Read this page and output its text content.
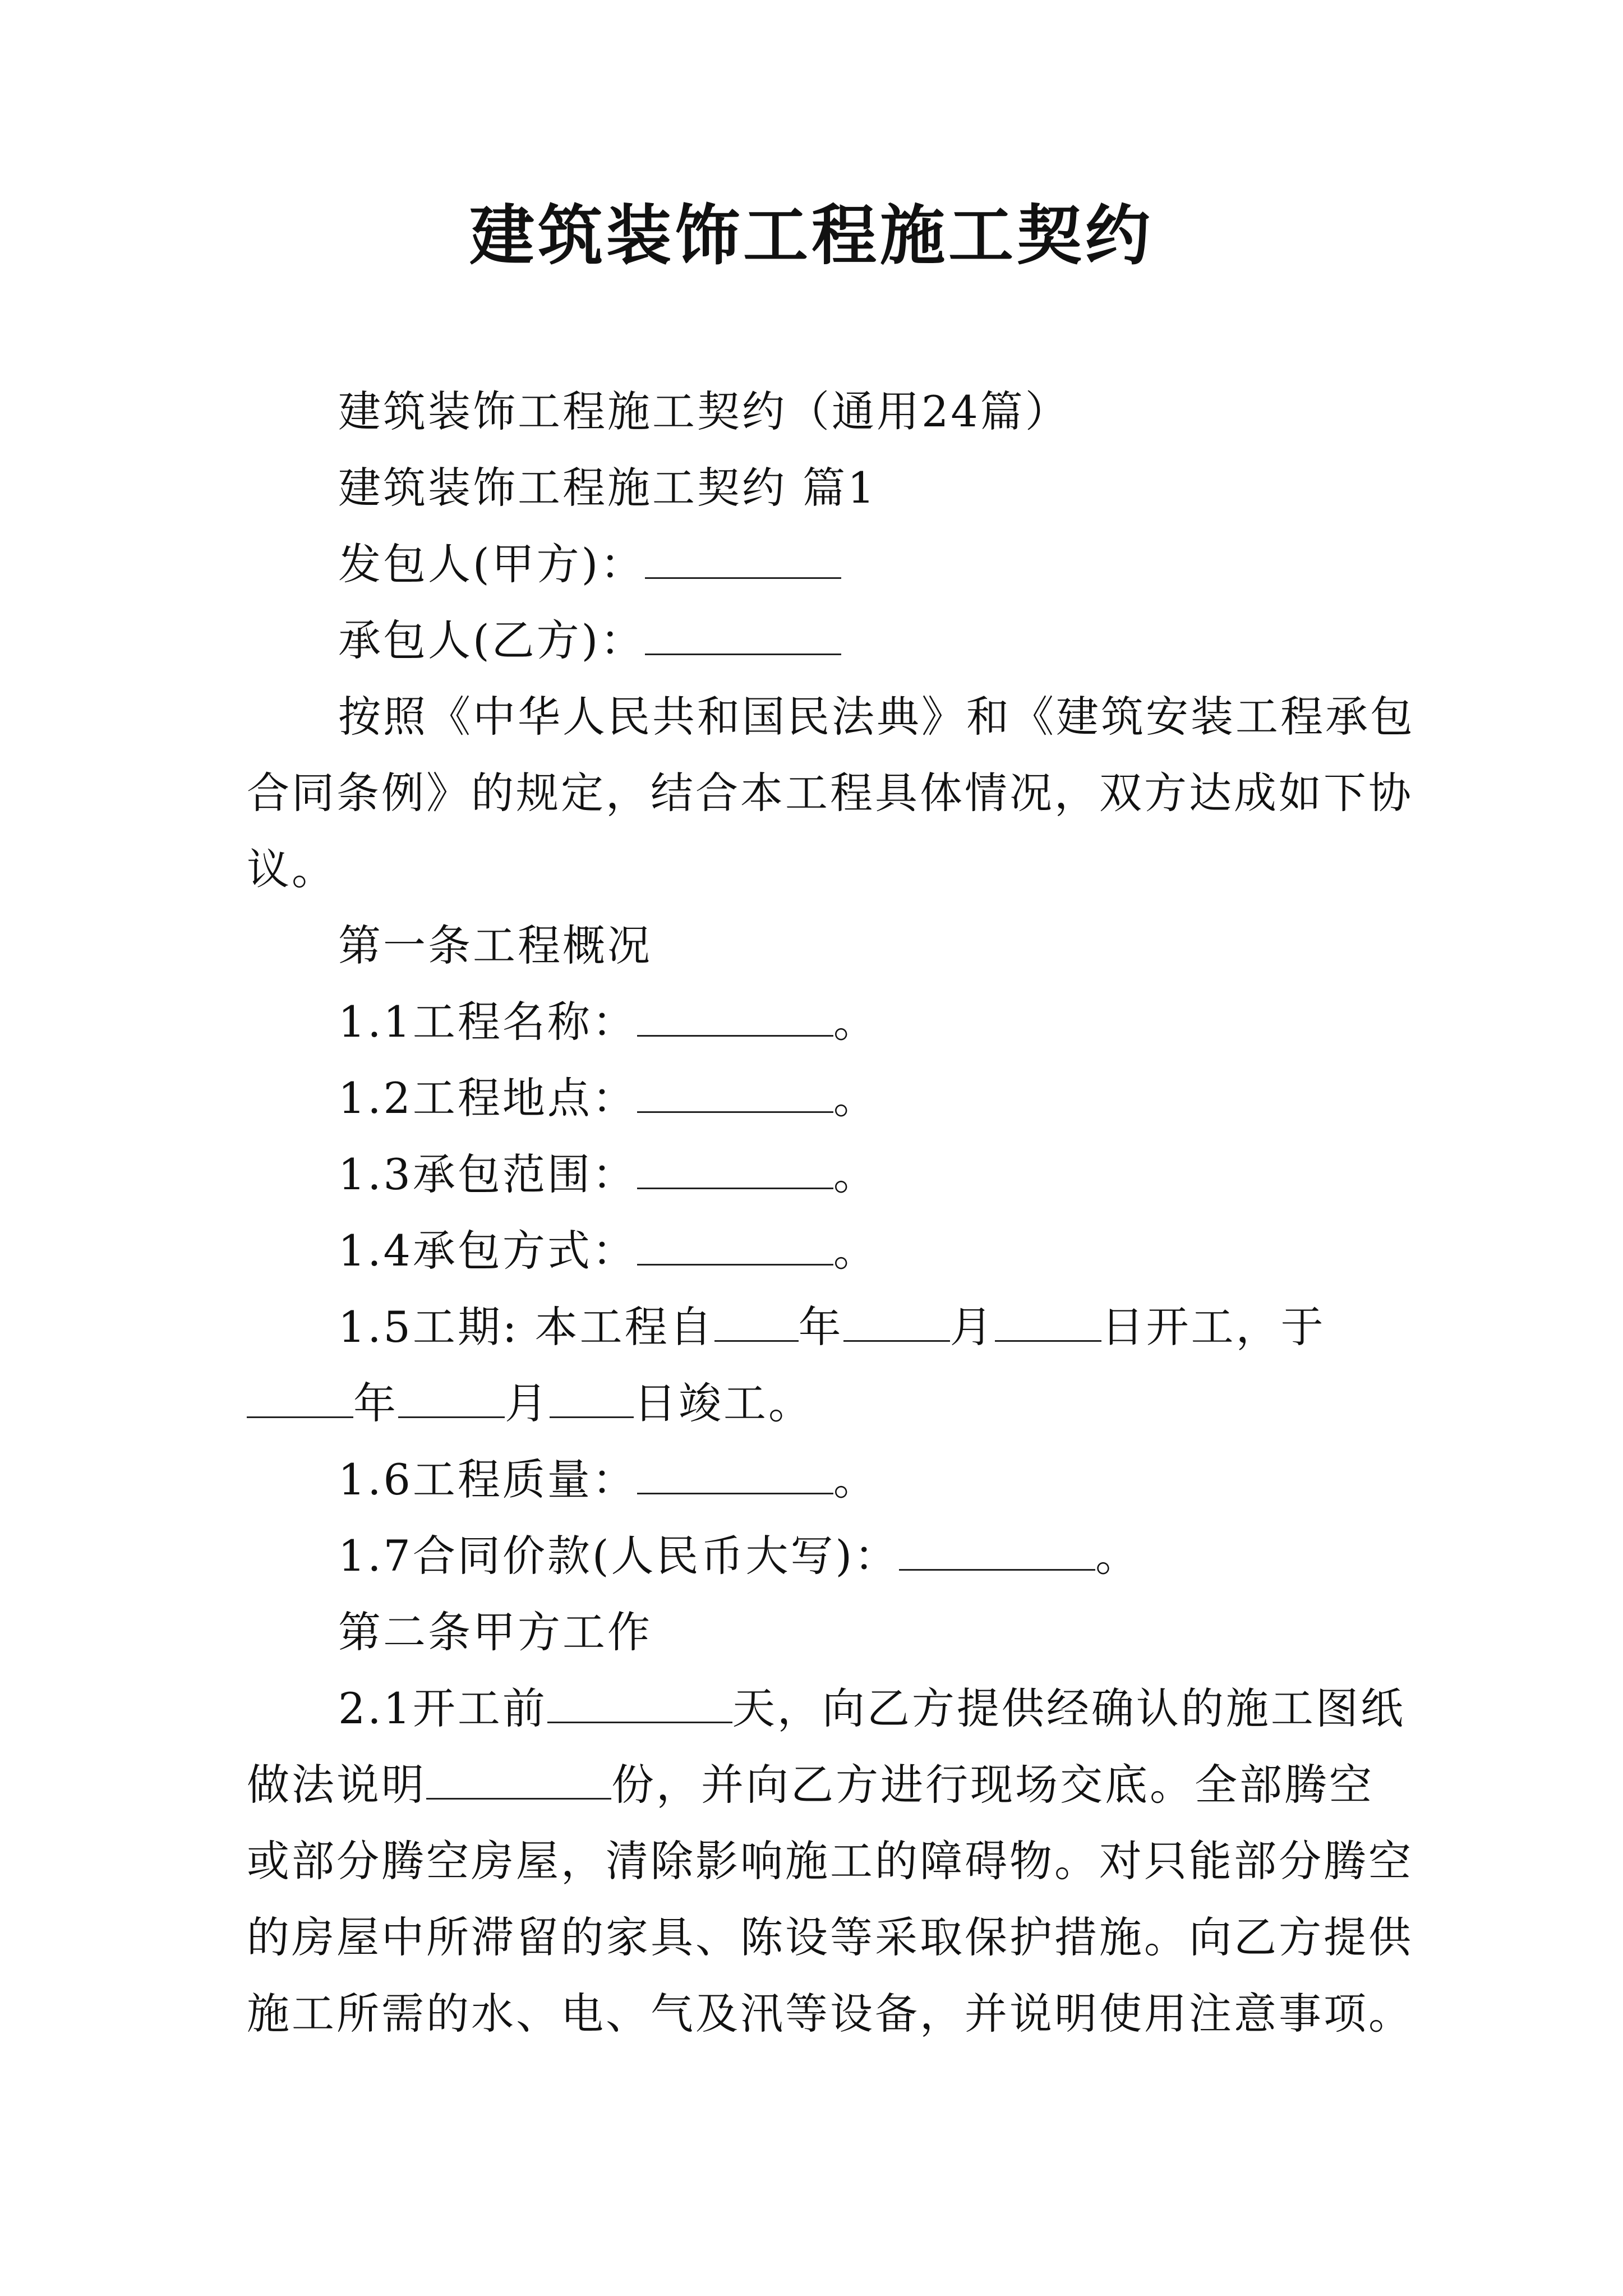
建筑装饰工程施工契约
建筑装饰工程施工契约（通用24篇）
建筑装饰工程施工契约 篇1
发包人(甲方)：
承包人(乙方)：
按照《中华人民共和国民法典》和《建筑安装工程承包
合同条例》的规定，结合本工程具体情况，双方达成如下协
议。
第一条工程概况
1.1工程名称：	。
1.2工程地点：	。
1.3承包范围：	。
1.4承包方式：	。
1.5工期: 本工程自 年	月	日开工，于
年	月 日竣工。
1.6工程质量：	。
1.7合同价款(人民币大写)：	。
第二条甲方工作
2.1开工前	天，向乙方提供经确认的施工图纸
做法说明	份，并向乙方进行现场交底。全部腾空
或部分腾空房屋，清除影响施工的障碍物。对只能部分腾空
的房屋中所滞留的家具、陈设等采取保护措施。向乙方提供
施工所需的水、电、气及汛等设备，并说明使用注意事项。
